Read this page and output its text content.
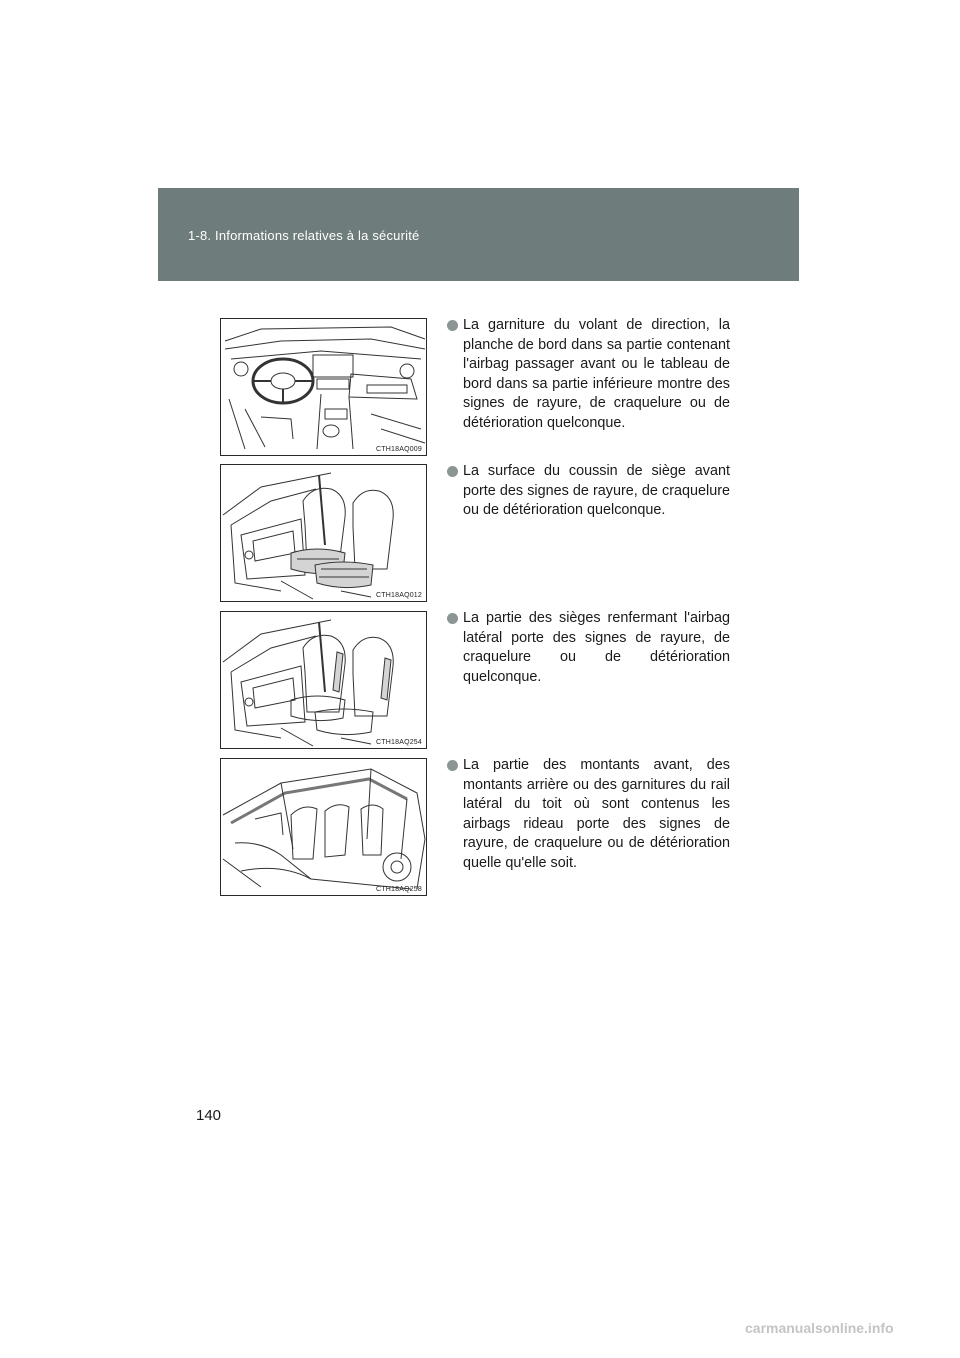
1-8. Informations relatives à la sécurité
CTH18AQ009
La garniture du volant de direction, la planche de bord dans sa partie contenant l'airbag passager avant ou le tableau de bord dans sa partie inférieure montre des signes de rayure, de craquelure ou de détérioration quelconque.
CTH18AQ012
La surface du coussin de siège avant porte des signes de rayure, de craquelure ou de détérioration quelconque.
CTH18AQ254
La partie des sièges renfermant l'airbag latéral porte des signes de rayure, de craquelure ou de détérioration quelconque.
CTH18AQ258
La partie des montants avant, des montants arrière ou des garnitures du rail latéral du toit où sont contenus les airbags rideau porte des signes de rayure, de craquelure ou de détérioration quelle qu'elle soit.
140
carmanualsonline.info
